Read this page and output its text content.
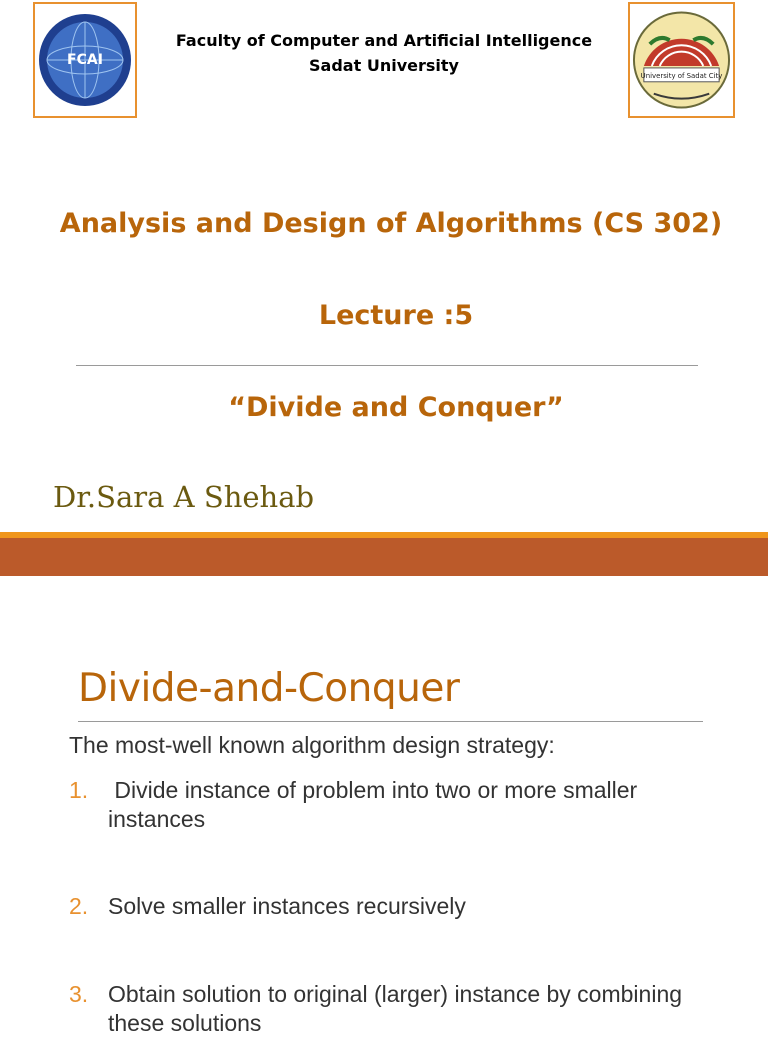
FCAI
Faculty of Computer and Artificial Intelligence
Sadat University
University of Sadat City
Analysis and Design of Algorithms (CS 302)
Lecture :5
“Divide and Conquer”
Dr.Sara A Shehab
Divide-and-Conquer
The most-well known algorithm design strategy:
1. Divide instance of problem into two or more smaller instances
2. Solve smaller instances recursively
3. Obtain solution to original (larger) instance by combining these solutions
